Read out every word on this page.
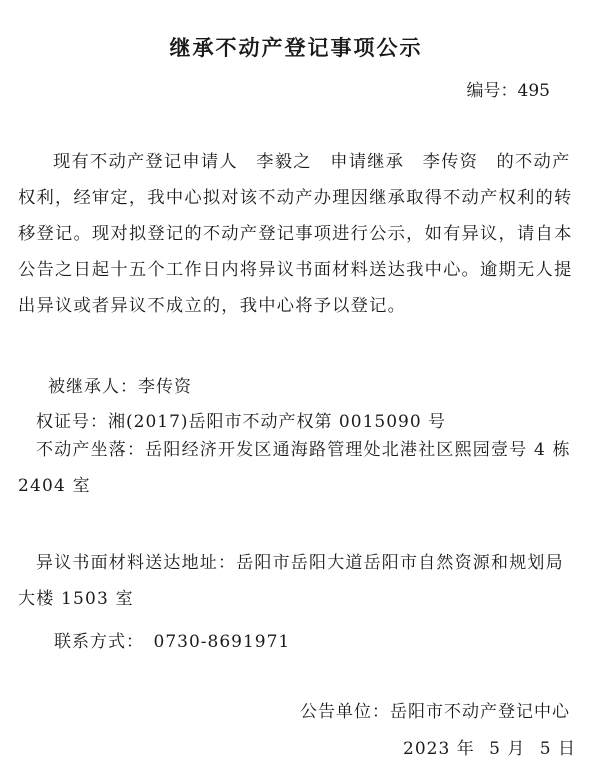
继承不动产登记事项公示
编号：495

现有不动产登记申请人　李毅之　申请继承　李传资　的不动产权利，经审定，我中心拟对该不动产办理因继承取得不动产权利的转移登记。现对拟登记的不动产登记事项进行公示，如有异议，请自本公告之日起十五个工作日内将异议书面材料送达我中心。逾期无人提出异议或者异议不成立的，我中心将予以登记。

被继承人：李传资
权证号：湘(2017)岳阳市不动产权第 0015090 号
不动产坐落：岳阳经济开发区通海路管理处北港社区熙园壹号 4 栋 2404 室
异议书面材料送达地址：岳阳市岳阳大道岳阳市自然资源和规划局大楼 1503 室
联系方式：　0730-8691971
公告单位：岳阳市不动产登记中心
2023 年 5 月 5 日
